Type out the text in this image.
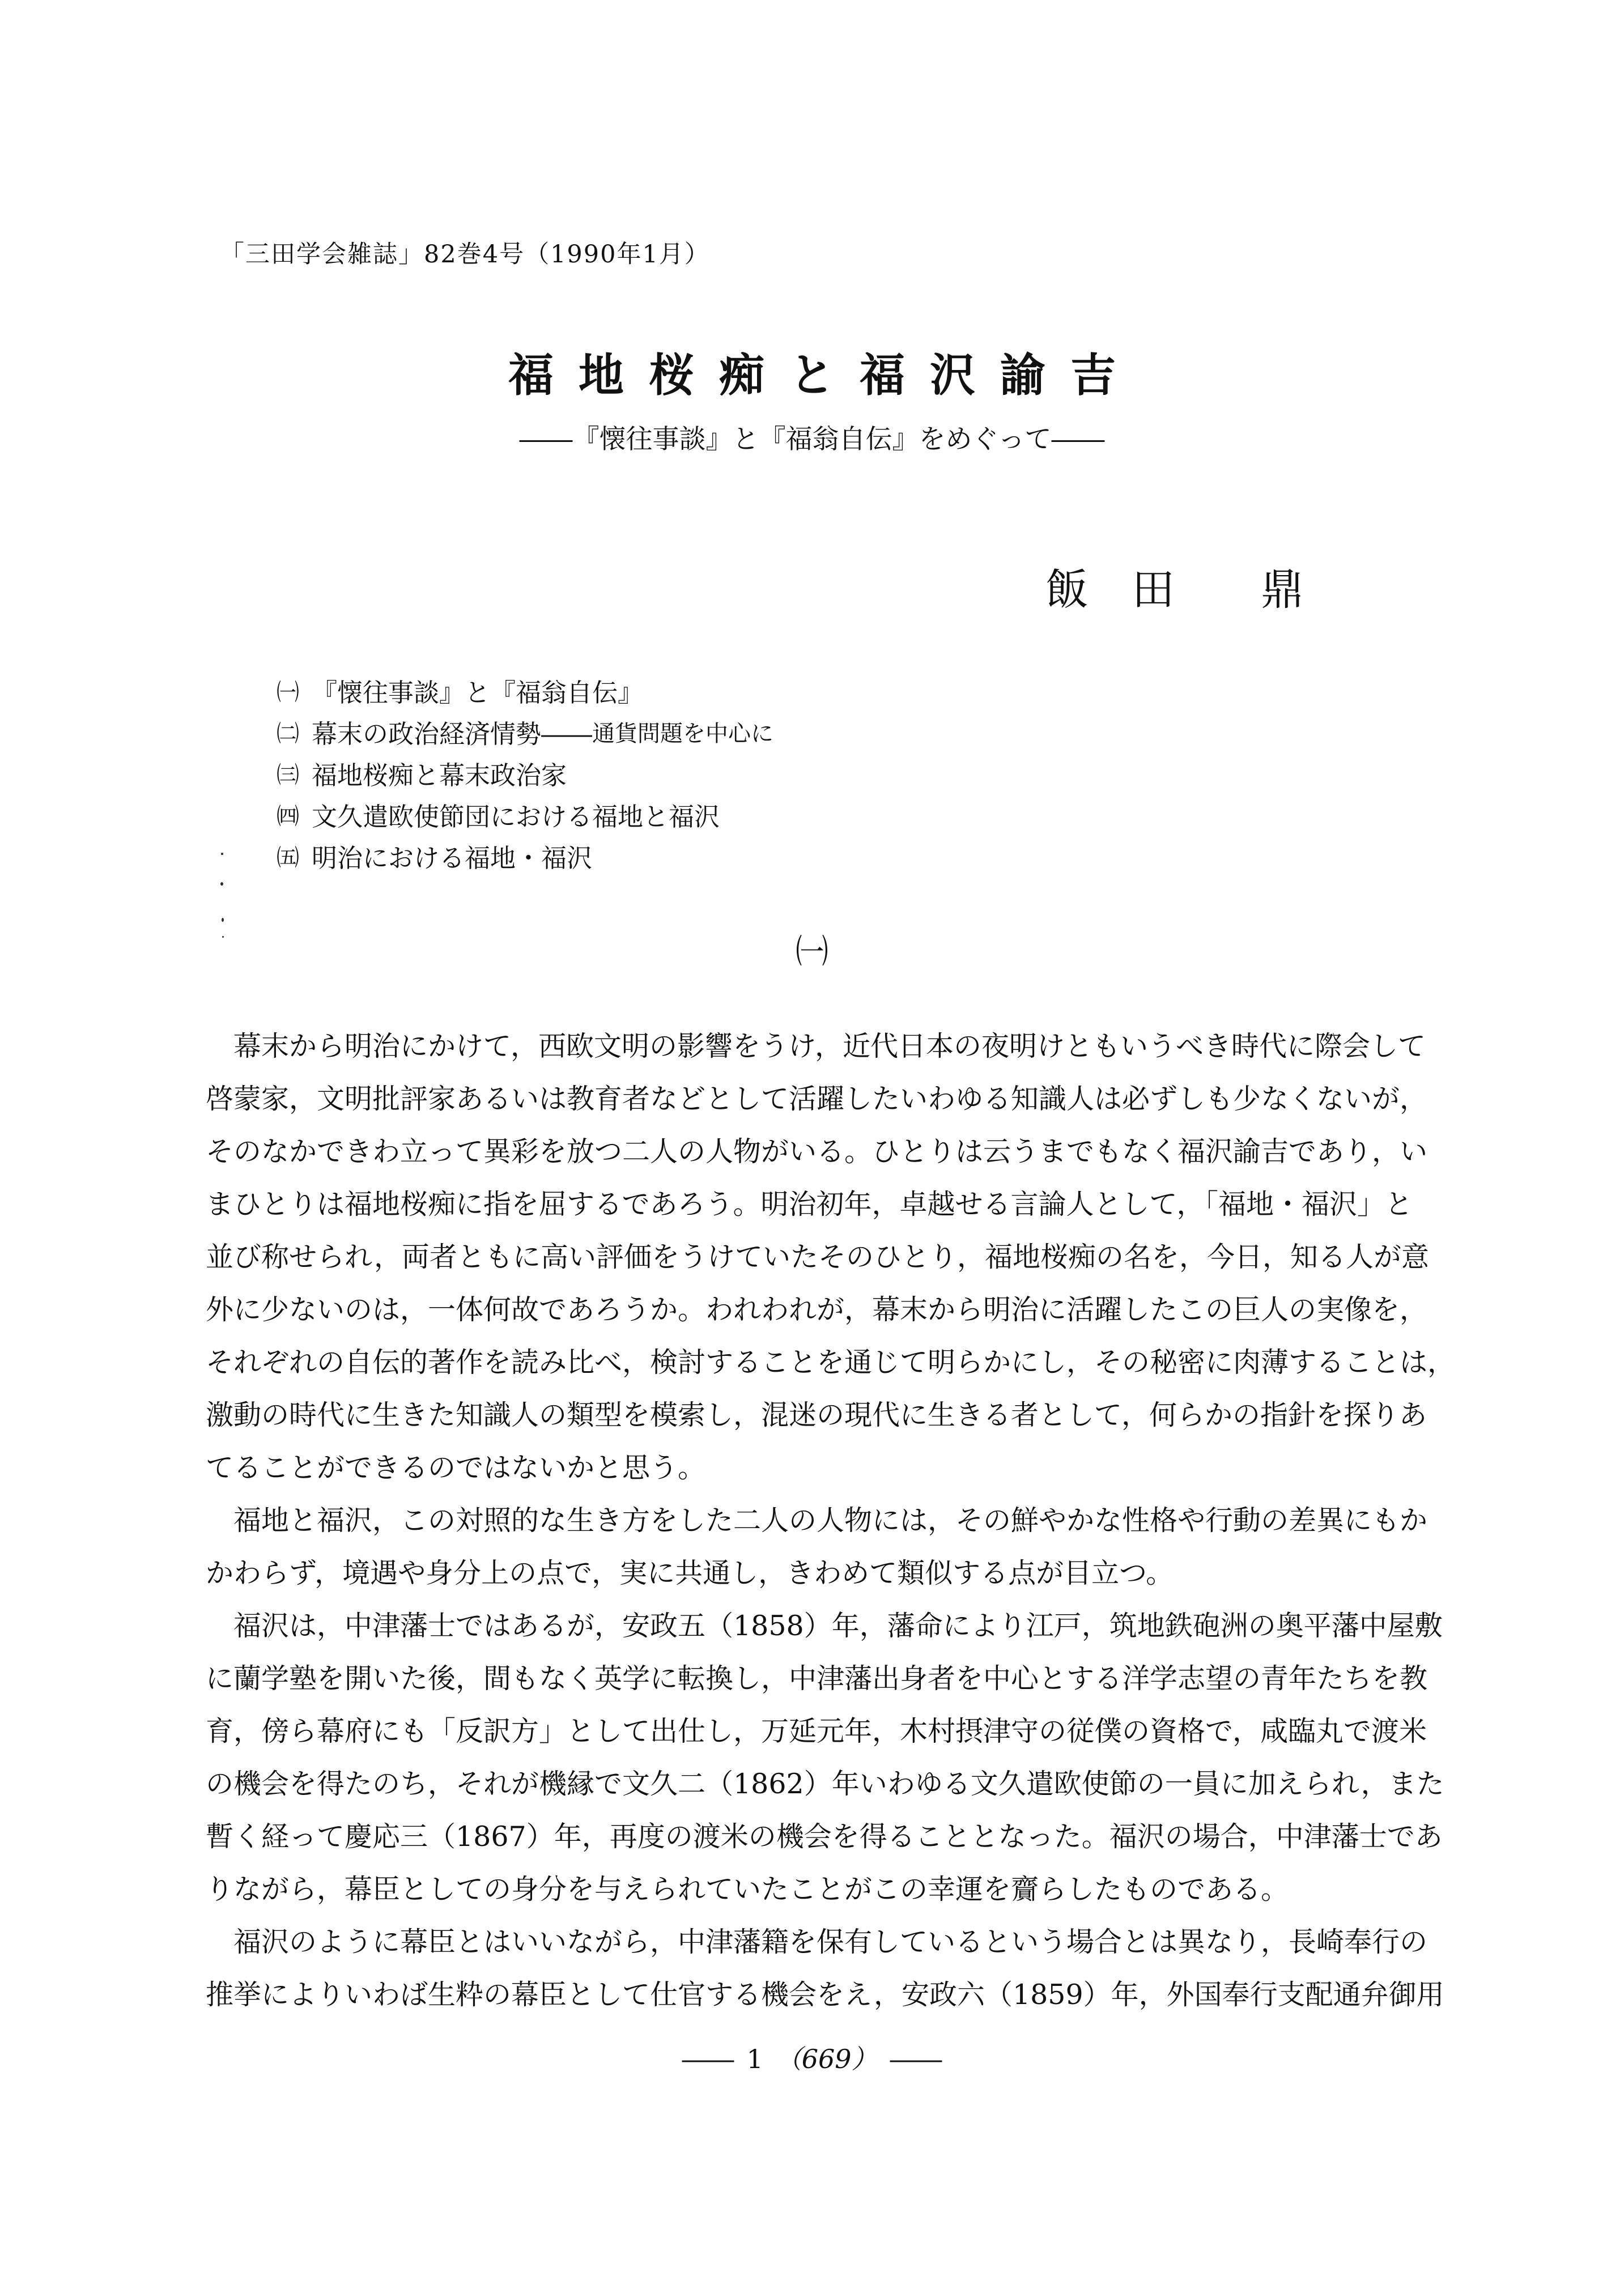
「三田学会雑誌」82巻4号（1990年1月）
福地桜痴と福沢諭吉
――『懐往事談』と『福翁自伝』をめぐって――
飯　田　　鼎
㈠ 『懐往事談』と『福翁自伝』
㈡ 幕末の政治経済情勢―― 通貨問題を中心に
㈢ 福地桜痴と幕末政治家
㈣ 文久遣欧使節団における福地と福沢
㈤ 明治における福地・福沢
㈠
幕末から明治にかけて，西欧文明の影響をうけ，近代日本の夜明けともいうべき時代に際会して
啓蒙家，文明批評家あるいは教育者などとして活躍したいわゆる知識人は必ずしも少なくないが，
そのなかできわ立って異彩を放つ二人の人物がいる。ひとりは云うまでもなく福沢諭吉であり，い
まひとりは福地桜痴に指を屈するであろう。明治初年，卓越せる言論人として，「福地・福沢」と
並び称せられ，両者ともに高い評価をうけていたそのひとり，福地桜痴の名を，今日，知る人が意
外に少ないのは，一体何故であろうか。われわれが，幕末から明治に活躍したこの巨人の実像を，
それぞれの自伝的著作を読み比べ，検討することを通じて明らかにし，その秘密に肉薄することは，
激動の時代に生きた知識人の類型を模索し，混迷の現代に生きる者として，何らかの指針を探りあ
てることができるのではないかと思う。
福地と福沢，この対照的な生き方をした二人の人物には，その鮮やかな性格や行動の差異にもか
かわらず，境遇や身分上の点で，実に共通し，きわめて類似する点が目立つ。
福沢は，中津藩士ではあるが，安政五（1858）年，藩命により江戸，筑地鉄砲洲の奥平藩中屋敷
に蘭学塾を開いた後，間もなく英学に転換し，中津藩出身者を中心とする洋学志望の青年たちを教
育，傍ら幕府にも「反訳方」として出仕し，万延元年，木村摂津守の従僕の資格で，咸臨丸で渡米
の機会を得たのち，それが機縁で文久二（1862）年いわゆる文久遣欧使節の一員に加えられ，また
暫く経って慶応三（1867）年，再度の渡米の機会を得ることとなった。福沢の場合，中津藩士であ
りながら，幕臣としての身分を与えられていたことがこの幸運を齎らしたものである。
福沢のように幕臣とはいいながら，中津藩籍を保有しているという場合とは異なり，長崎奉行の
推挙によりいわば生粋の幕臣として仕官する機会をえ，安政六（1859）年，外国奉行支配通弁御用
―― 1 （669） ――
